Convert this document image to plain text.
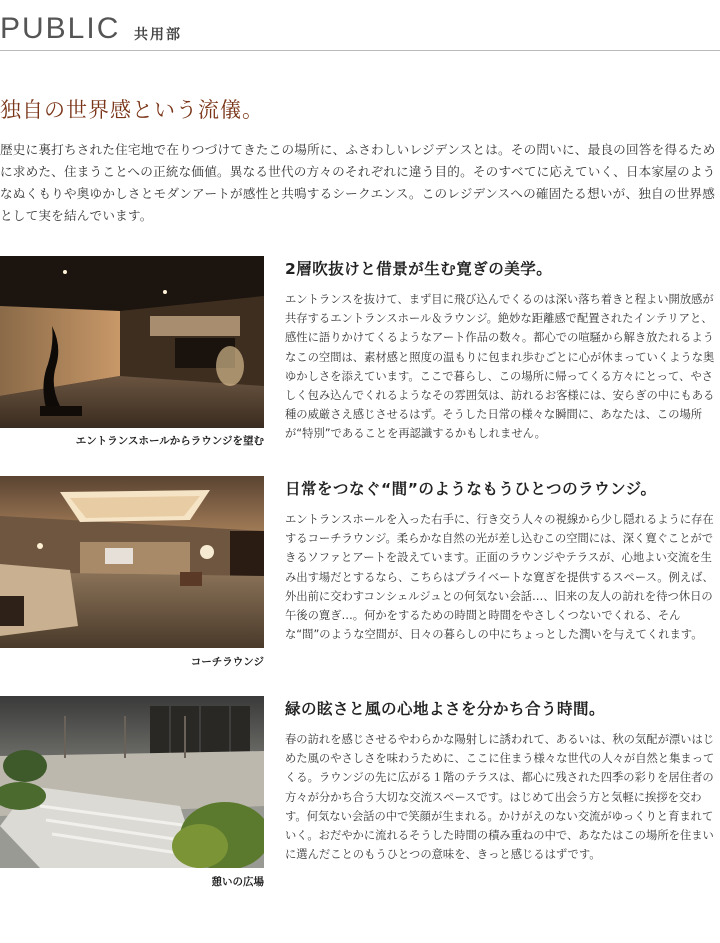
PUBLIC 共用部
独自の世界感という流儀。
歴史に裏打ちされた住宅地で在りつづけてきたこの場所に、ふさわしいレジデンスとは。その問いに、最良の回答を得るために求めた、住まうことへの正統な価値。異なる世代の方々のそれぞれに違う目的。そのすべてに応えていく、日本家屋のようなぬくもりや奥ゆかしさとモダンアートが感性と共鳴するシークエンス。このレジデンスへの確固たる想いが、独自の世界感として実を結んでいます。
エントランスホールからラウンジを望む
2層吹抜けと借景が生む寛ぎの美学。
エントランスを抜けて、まず目に飛び込んでくるのは深い落ち着きと程よい開放感が共存するエントランスホール＆ラウンジ。絶妙な距離感で配置されたインテリアと、感性に語りかけてくるようなアート作品の数々。都心での喧騒から解き放たれるようなこの空間は、素材感と照度の温もりに包まれ歩むごとに心が休まっていくような奥ゆかしさを添えています。ここで暮らし、この場所に帰ってくる方々にとって、やさしく包み込んでくれるようなその雰囲気は、訪れるお客様には、安らぎの中にもある種の威厳さえ感じさせるはず。そうした日常の様々な瞬間に、あなたは、この場所が“特別”であることを再認識するかもしれません。
コーチラウンジ
日常をつなぐ“間”のようなもうひとつのラウンジ。
エントランスホールを入った右手に、行き交う人々の視線から少し隠れるように存在するコーチラウンジ。柔らかな自然の光が差し込むこの空間には、深く寛ぐことができるソファとアートを設えています。正面のラウンジやテラスが、心地よい交流を生み出す場だとするなら、こちらはプライベートな寛ぎを提供するスペース。例えば、外出前に交わすコンシェルジュとの何気ない会話…、旧来の友人の訪れを待つ休日の午後の寛ぎ…。何かをするための時間と時間をやさしくつないでくれる、そんな“間”のような空間が、日々の暮らしの中にちょっとした潤いを与えてくれます。
憩いの広場
緑の眩さと風の心地よさを分かち合う時間。
春の訪れを感じさせるやわらかな陽射しに誘われて、あるいは、秋の気配が漂いはじめた風のやさしさを味わうために、ここに住まう様々な世代の人々が自然と集まってくる。ラウンジの先に広がる１階のテラスは、都心に残された四季の彩りを居住者の方々が分かち合う大切な交流スペースです。はじめて出会う方と気軽に挨拶を交わす。何気ない会話の中で笑顔が生まれる。かけがえのない交流がゆっくりと育まれていく。おだやかに流れるそうした時間の積み重ねの中で、あなたはこの場所を住まいに選んだことのもうひとつの意味を、きっと感じるはずです。
